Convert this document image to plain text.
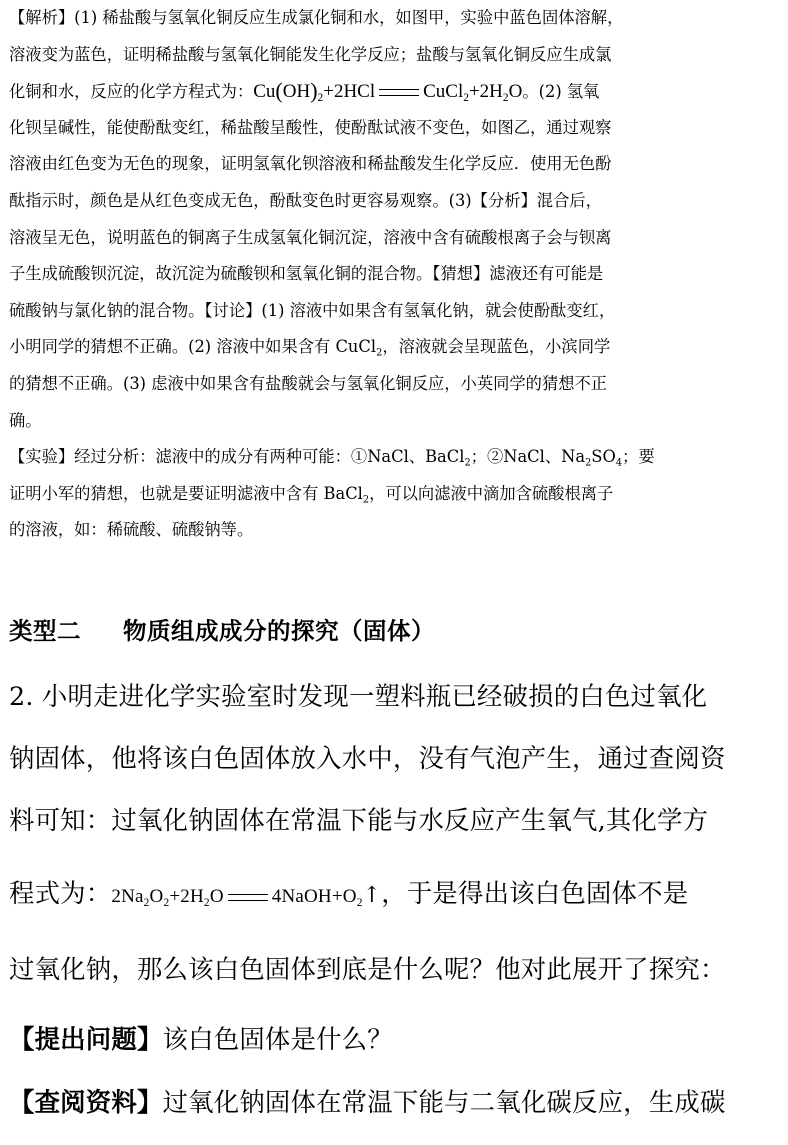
【解析】(1) 稀盐酸与氢氧化铜反应生成氯化铜和水，如图甲，实验中蓝色固体溶解，
溶液变为蓝色，证明稀盐酸与氢氧化铜能发生化学反应；盐酸与氢氧化铜反应生成氯
化铜和水，反应的化学方程式为：$Cu(OH)_2+2HCl$	$CuCl_2+2H_2O$。(2) 氢氧
化钡呈碱性，能使酚酞变红，稀盐酸呈酸性，使酚酞试液不变色，如图乙，通过观察
溶液由红色变为无色的现象，证明氢氧化钡溶液和稀盐酸发生化学反应．使用无色酚
酞指示时，颜色是从红色变成无色，酚酞变色时更容易观察。(3)【分析】混合后，
溶液呈无色，说明蓝色的铜离子生成氢氧化铜沉淀，溶液中含有硫酸根离子会与钡离
子生成硫酸钡沉淀，故沉淀为硫酸钡和氢氧化铜的混合物。【猜想】滤液还有可能是
硫酸钠与氯化钠的混合物。【讨论】(1) 溶液中如果含有氢氧化钠，就会使酚酞变红，
小明同学的猜想不正确。(2) 溶液中如果含有 CuCl$_2$，溶液就会呈现蓝色，小滨同学
的猜想不正确。(3) 虑液中如果含有盐酸就会与氢氧化铜反应，小英同学的猜想不正
确。
【实验】经过分析：滤液中的成分有两种可能：①NaCl、BaCl$_2$；②NaCl、$Na_2SO_4$；要
证明小军的猜想，也就是要证明滤液中含有 BaCl$_2$，可以向滤液中滴加含硫酸根离子
的溶液，如：稀硫酸、硫酸钠等。
类型二 物质组成成分的探究（固体）
2. 小明走进化学实验室时发现一塑料瓶已经破损的白色过氧化
钠固体，他将该白色固体放入水中，没有气泡产生，通过查阅资
料可知：过氧化钠固体在常温下能与水反应产生氧气,其化学方
程式为：$2Na_2O_2+2H_2O$	$4NaOH+O_2↑$，于是得出该白色固体不是
过氧化钠，那么该白色固体到底是什么呢？他对此展开了探究：
【提出问题】该白色固体是什么？
【查阅资料】过氧化钠固体在常温下能与二氧化碳反应，生成碳
